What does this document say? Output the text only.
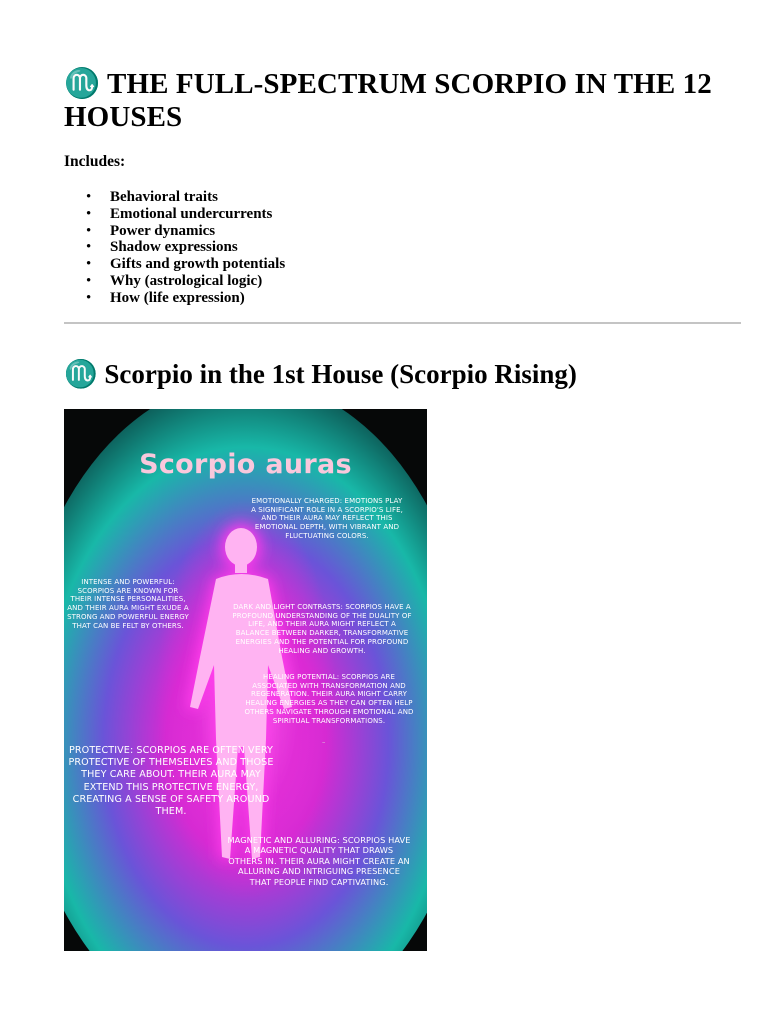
♏ THE FULL-SPECTRUM SCORPIO IN THE 12 HOUSES

Includes:

• Behavioral traits
• Emotional undercurrents
• Power dynamics
• Shadow expressions
• Gifts and growth potentials
• Why (astrological logic)
• How (life expression)
♏ Scorpio in the 1st House (Scorpio Rising)
~
Scorpio auras
EMOTIONALLY CHARGED: EMOTIONS PLAY A SIGNIFICANT ROLE IN A SCORPIO'S LIFE, AND THEIR AURA MAY REFLECT THIS EMOTIONAL DEPTH, WITH VIBRANT AND FLUCTUATING COLORS.
INTENSE AND POWERFUL: SCORPIOS ARE KNOWN FOR THEIR INTENSE PERSONALITIES, AND THEIR AURA MIGHT EXUDE A STRONG AND POWERFUL ENERGY THAT CAN BE FELT BY OTHERS.
DARK AND LIGHT CONTRASTS: SCORPIOS HAVE A PROFOUND UNDERSTANDING OF THE DUALITY OF LIFE, AND THEIR AURA MIGHT REFLECT A BALANCE BETWEEN DARKER, TRANSFORMATIVE ENERGIES AND THE POTENTIAL FOR PROFOUND HEALING AND GROWTH.
HEALING POTENTIAL: SCORPIOS ARE ASSOCIATED WITH TRANSFORMATION AND REGENERATION. THEIR AURA MIGHT CARRY HEALING ENERGIES AS THEY CAN OFTEN HELP OTHERS NAVIGATE THROUGH EMOTIONAL AND SPIRITUAL TRANSFORMATIONS.
PROTECTIVE: SCORPIOS ARE OFTEN VERY PROTECTIVE OF THEMSELVES AND THOSE THEY CARE ABOUT. THEIR AURA MAY EXTEND THIS PROTECTIVE ENERGY, CREATING A SENSE OF SAFETY AROUND THEM.
MAGNETIC AND ALLURING: SCORPIOS HAVE A MAGNETIC QUALITY THAT DRAWS OTHERS IN. THEIR AURA MIGHT CREATE AN ALLURING AND INTRIGUING PRESENCE THAT PEOPLE FIND CAPTIVATING.
